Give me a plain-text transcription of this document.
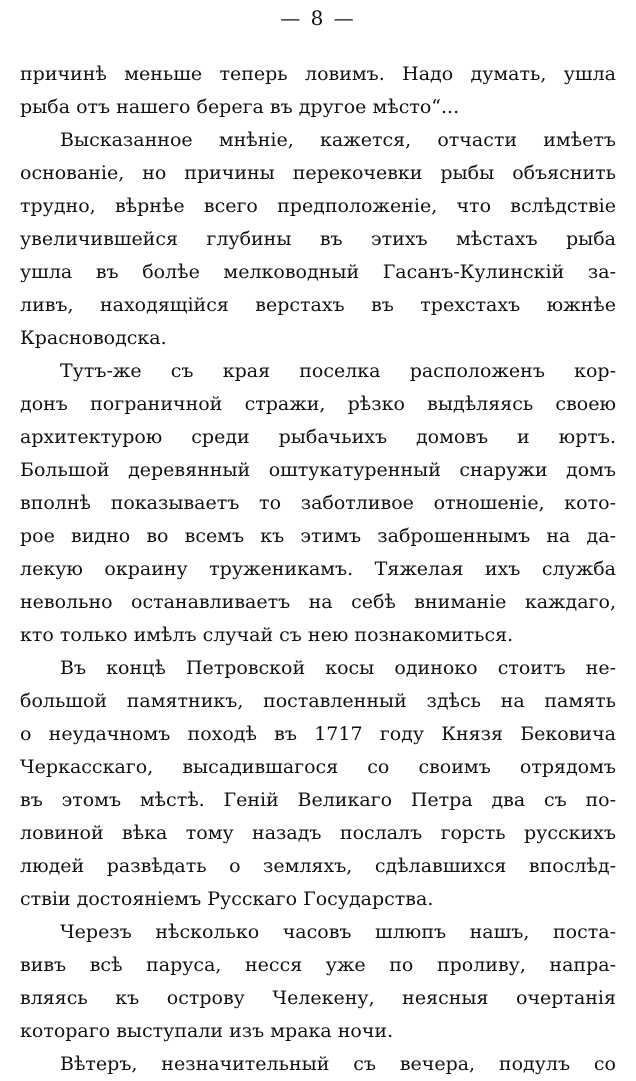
— 8 —
причинѣ меньше теперь ловимъ. Надо думать, ушла
рыба отъ нашего берега въ другое мѣсто“...
Высказанное мнѣніе, кажется, отчасти имѣетъ
основаніе, но причины перекочевки рыбы объяснить
трудно, вѣрнѣе всего предположеніе, что вслѣдствіе
увеличившейся глубины въ этихъ мѣстахъ рыба
ушла въ болѣе мелководный Гасанъ-Кулинскій за-
ливъ, находящійся верстахъ въ трехстахъ южнѣе
Красноводска.
Тутъ-же съ края поселка расположенъ кор-
донъ пограничной стражи, рѣзко выдѣляясь своею
архитектурою среди рыбачьихъ домовъ и юртъ.
Большой деревянный оштукатуренный снаружи домъ
вполнѣ показываетъ то заботливое отношеніе, кото-
рое видно во всемъ къ этимъ заброшеннымъ на да-
лекую окраину труженикамъ. Тяжелая ихъ служба
невольно останавливаетъ на себѣ вниманіе каждаго,
кто только имѣлъ случай съ нею познакомиться.
Въ концѣ Петровской косы одиноко стоитъ не-
большой памятникъ, поставленный здѣсь на память
о неудачномъ походѣ въ 1717 году Князя Бековича
Черкасскаго, высадившагося со своимъ отрядомъ
въ этомъ мѣстѣ. Геній Великаго Петра два съ по-
ловиной вѣка тому назадъ послалъ горсть русскихъ
людей развѣдать о земляхъ, сдѣлавшихся впослѣд-
ствіи достояніемъ Русскаго Государства.
Черезъ нѣсколько часовъ шлюпъ нашъ, поста-
вивъ всѣ паруса, несся уже по проливу, напра-
вляясь къ острову Челекену, неясныя очертанія
котораго выступали изъ мрака ночи.
Вѣтеръ, незначительный съ вечера, подулъ со
